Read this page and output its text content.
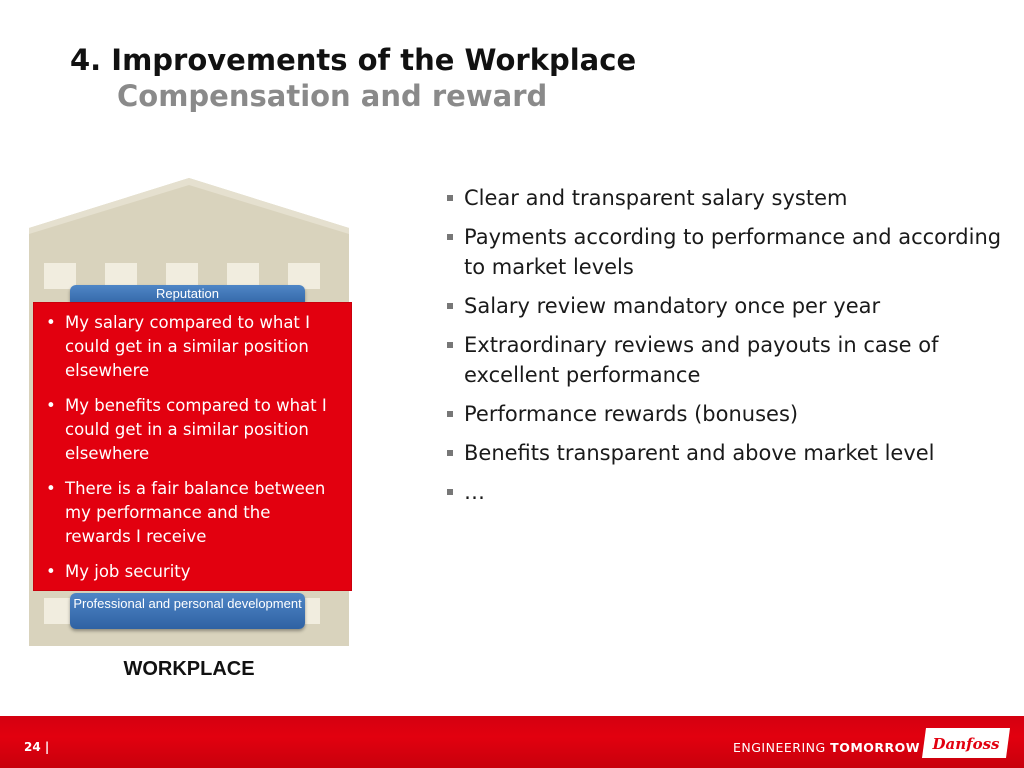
4. Improvements of the Workplace
Compensation and reward
Reputation
Professional and personal development
• My salary compared to what I could get in a similar position elsewhere
• My benefits compared to what I could get in a similar position elsewhere
• There is a fair balance between my performance and the rewards I receive
• My job security
WORKPLACE
Clear and transparent salary system
Payments according to performance and according to market levels
Salary review mandatory once per year
Extraordinary reviews and payouts in case of excellent performance
Performance rewards (bonuses)
Benefits transparent and above market level
…
24 |	ENGINEERING TOMORROW Danfoss
